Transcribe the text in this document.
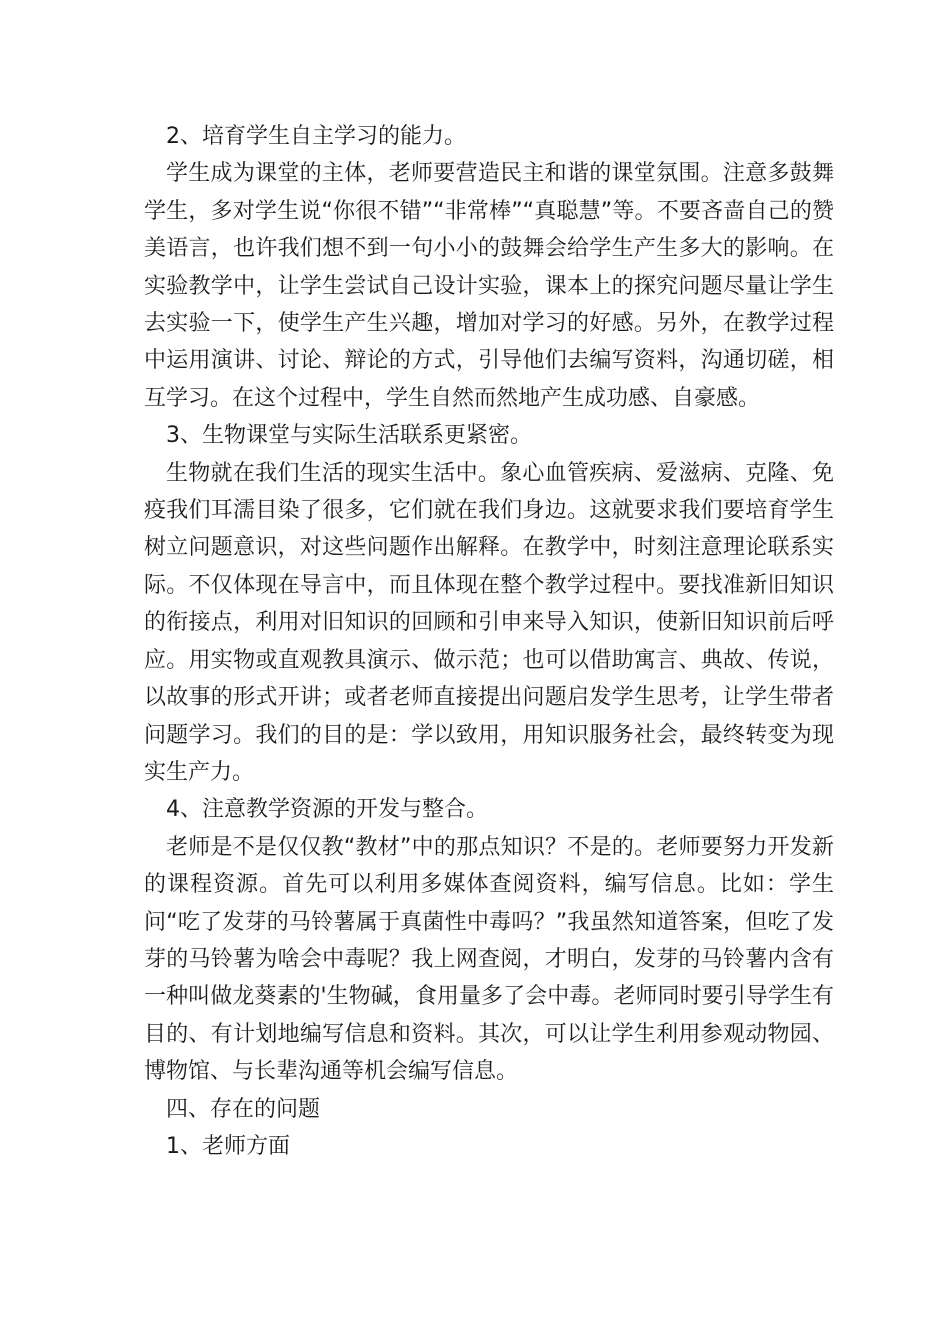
2、培育学生自主学习的能力。

学生成为课堂的主体，老师要营造民主和谐的课堂氛围。注意多鼓舞学生，多对学生说“你很不错”“非常棒”“真聪慧”等。不要吝啬自己的赞美语言，也许我们想不到一句小小的鼓舞会给学生产生多大的影响。在实验教学中，让学生尝试自己设计实验，课本上的探究问题尽量让学生去实验一下，使学生产生兴趣，增加对学习的好感。另外，在教学过程中运用演讲、讨论、辩论的方式，引导他们去编写资料，沟通切磋，相互学习。在这个过程中，学生自然而然地产生成功感、自豪感。

3、生物课堂与实际生活联系更紧密。

生物就在我们生活的现实生活中。象心血管疾病、爱滋病、克隆、免疫我们耳濡目染了很多，它们就在我们身边。这就要求我们要培育学生树立问题意识，对这些问题作出解释。在教学中，时刻注意理论联系实际。不仅体现在导言中，而且体现在整个教学过程中。要找准新旧知识的衔接点，利用对旧知识的回顾和引申来导入知识，使新旧知识前后呼应。用实物或直观教具演示、做示范；也可以借助寓言、典故、传说，以故事的形式开讲；或者老师直接提出问题启发学生思考，让学生带者问题学习。我们的目的是：学以致用，用知识服务社会，最终转变为现实生产力。

4、注意教学资源的开发与整合。

老师是不是仅仅教“教材”中的那点知识？不是的。老师要努力开发新的课程资源。首先可以利用多媒体查阅资料，编写信息。比如：学生问“吃了发芽的马铃薯属于真菌性中毒吗？”我虽然知道答案，但吃了发芽的马铃薯为啥会中毒呢？我上网查阅，才明白，发芽的马铃薯内含有一种叫做龙葵素的'生物碱，食用量多了会中毒。老师同时要引导学生有目的、有计划地编写信息和资料。其次，可以让学生利用参观动物园、博物馆、与长辈沟通等机会编写信息。

四、存在的问题

1、老师方面
